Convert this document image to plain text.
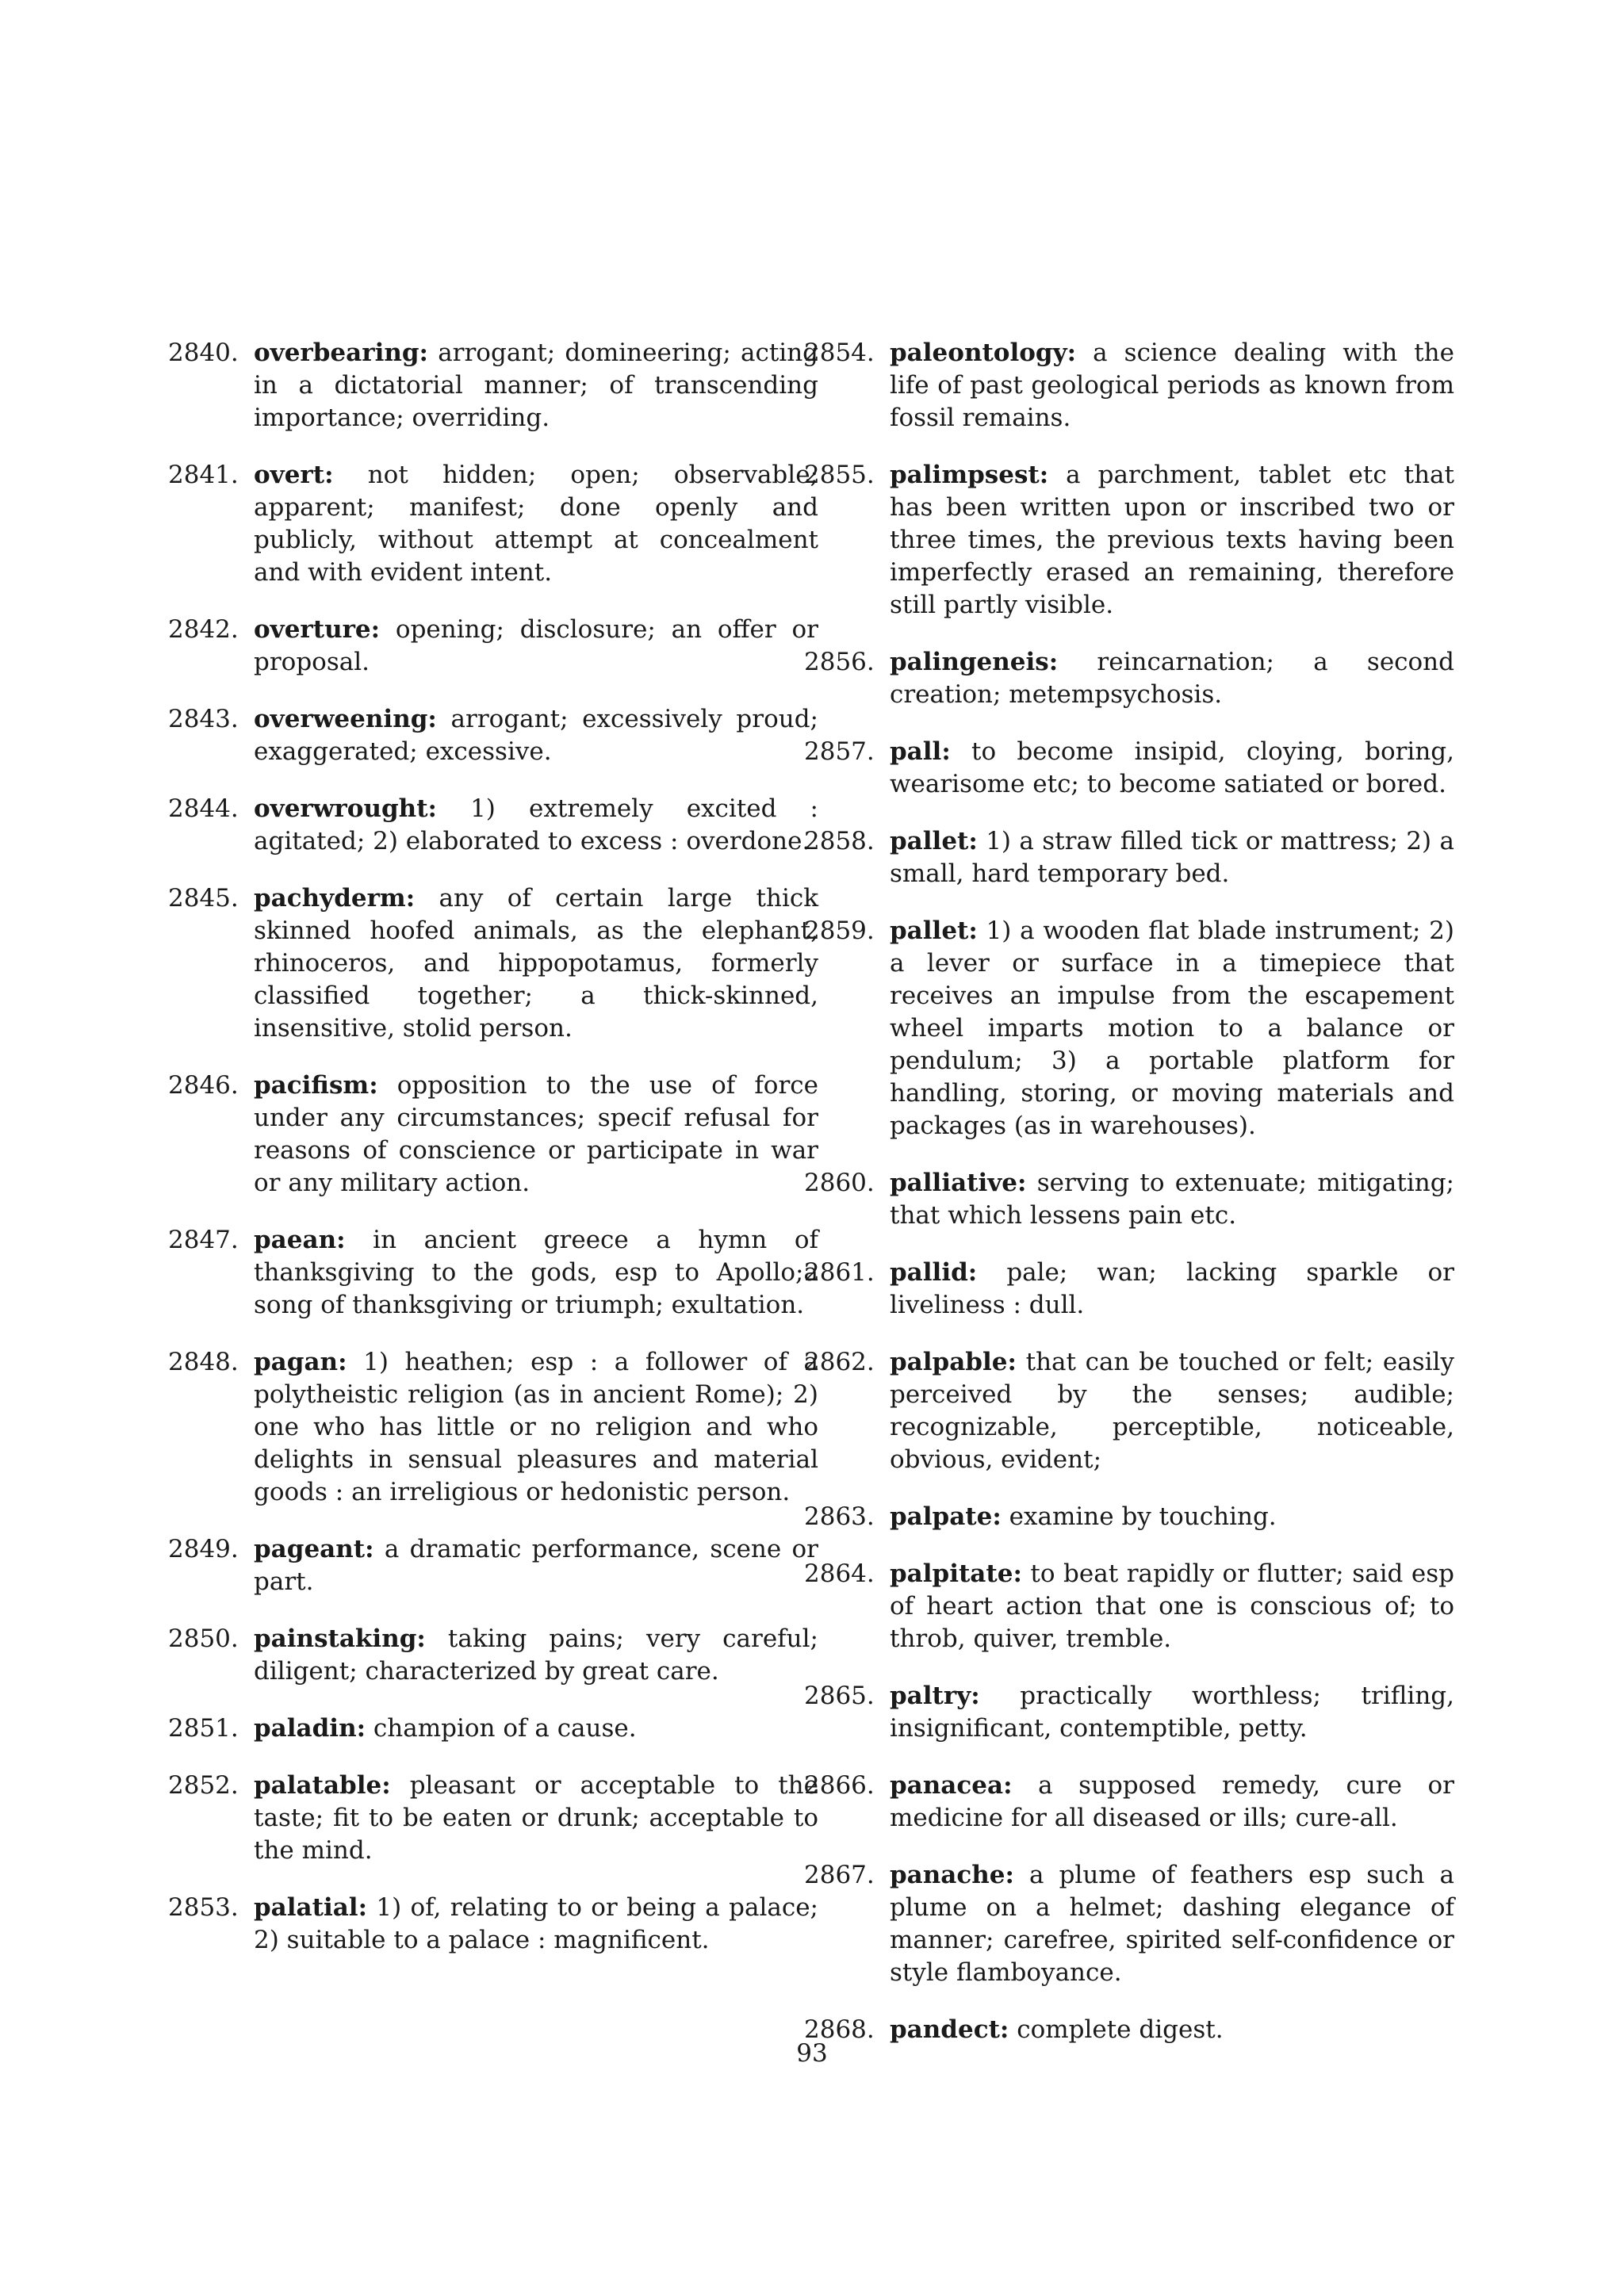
2840. overbearing: arrogant; domineering; acting in a dictatorial manner; of transcending importance; overriding.
2841. overt: not hidden; open; observable; apparent; manifest; done openly and publicly, without attempt at concealment and with evident intent.
2842. overture: opening; disclosure; an offer or proposal.
2843. overweening: arrogant; excessively proud; exaggerated; excessive.
2844. overwrought: 1) extremely excited : agitated; 2) elaborated to excess : overdone.
2845. pachyderm: any of certain large thick skinned hoofed animals, as the elephant, rhinoceros, and hippopotamus, formerly classified together; a thick-skinned, insensitive, stolid person.
2846. pacifism: opposition to the use of force under any circumstances; specif refusal for reasons of conscience or participate in war or any military action.
2847. paean: in ancient greece a hymn of thanksgiving to the gods, esp to Apollo;a song of thanksgiving or triumph; exultation.
2848. pagan: 1) heathen; esp : a follower of a polytheistic religion (as in ancient Rome); 2) one who has little or no religion and who delights in sensual pleasures and material goods : an irreligious or hedonistic person.
2849. pageant: a dramatic performance, scene or part.
2850. painstaking: taking pains; very careful; diligent; characterized by great care.
2851. paladin: champion of a cause.
2852. palatable: pleasant or acceptable to the taste; fit to be eaten or drunk; acceptable to the mind.
2853. palatial: 1) of, relating to or being a palace; 2) suitable to a palace : magnificent.
2854. paleontology: a science dealing with the life of past geological periods as known from fossil remains.
2855. palimpsest: a parchment, tablet etc that has been written upon or inscribed two or three times, the previous texts having been imperfectly erased an remaining, therefore still partly visible.
2856. palingeneis: reincarnation; a second creation; metempsychosis.
2857. pall: to become insipid, cloying, boring, wearisome etc; to become satiated or bored.
2858. pallet: 1) a straw filled tick or mattress; 2) a small, hard temporary bed.
2859. pallet: 1) a wooden flat blade instrument; 2) a lever or surface in a timepiece that receives an impulse from the escapement wheel imparts motion to a balance or pendulum; 3) a portable platform for handling, storing, or moving materials and packages (as in warehouses).
2860. palliative: serving to extenuate; mitigating; that which lessens pain etc.
2861. pallid: pale; wan; lacking sparkle or liveliness : dull.
2862. palpable: that can be touched or felt; easily perceived by the senses; audible; recognizable, perceptible, noticeable, obvious, evident;
2863. palpate: examine by touching.
2864. palpitate: to beat rapidly or flutter; said esp of heart action that one is conscious of; to throb, quiver, tremble.
2865. paltry: practically worthless; trifling, insignificant, contemptible, petty.
2866. panacea: a supposed remedy, cure or medicine for all diseased or ills; cure-all.
2867. panache: a plume of feathers esp such a plume on a helmet; dashing elegance of manner; carefree, spirited self-confidence or style flamboyance.
2868. pandect: complete digest.
93
